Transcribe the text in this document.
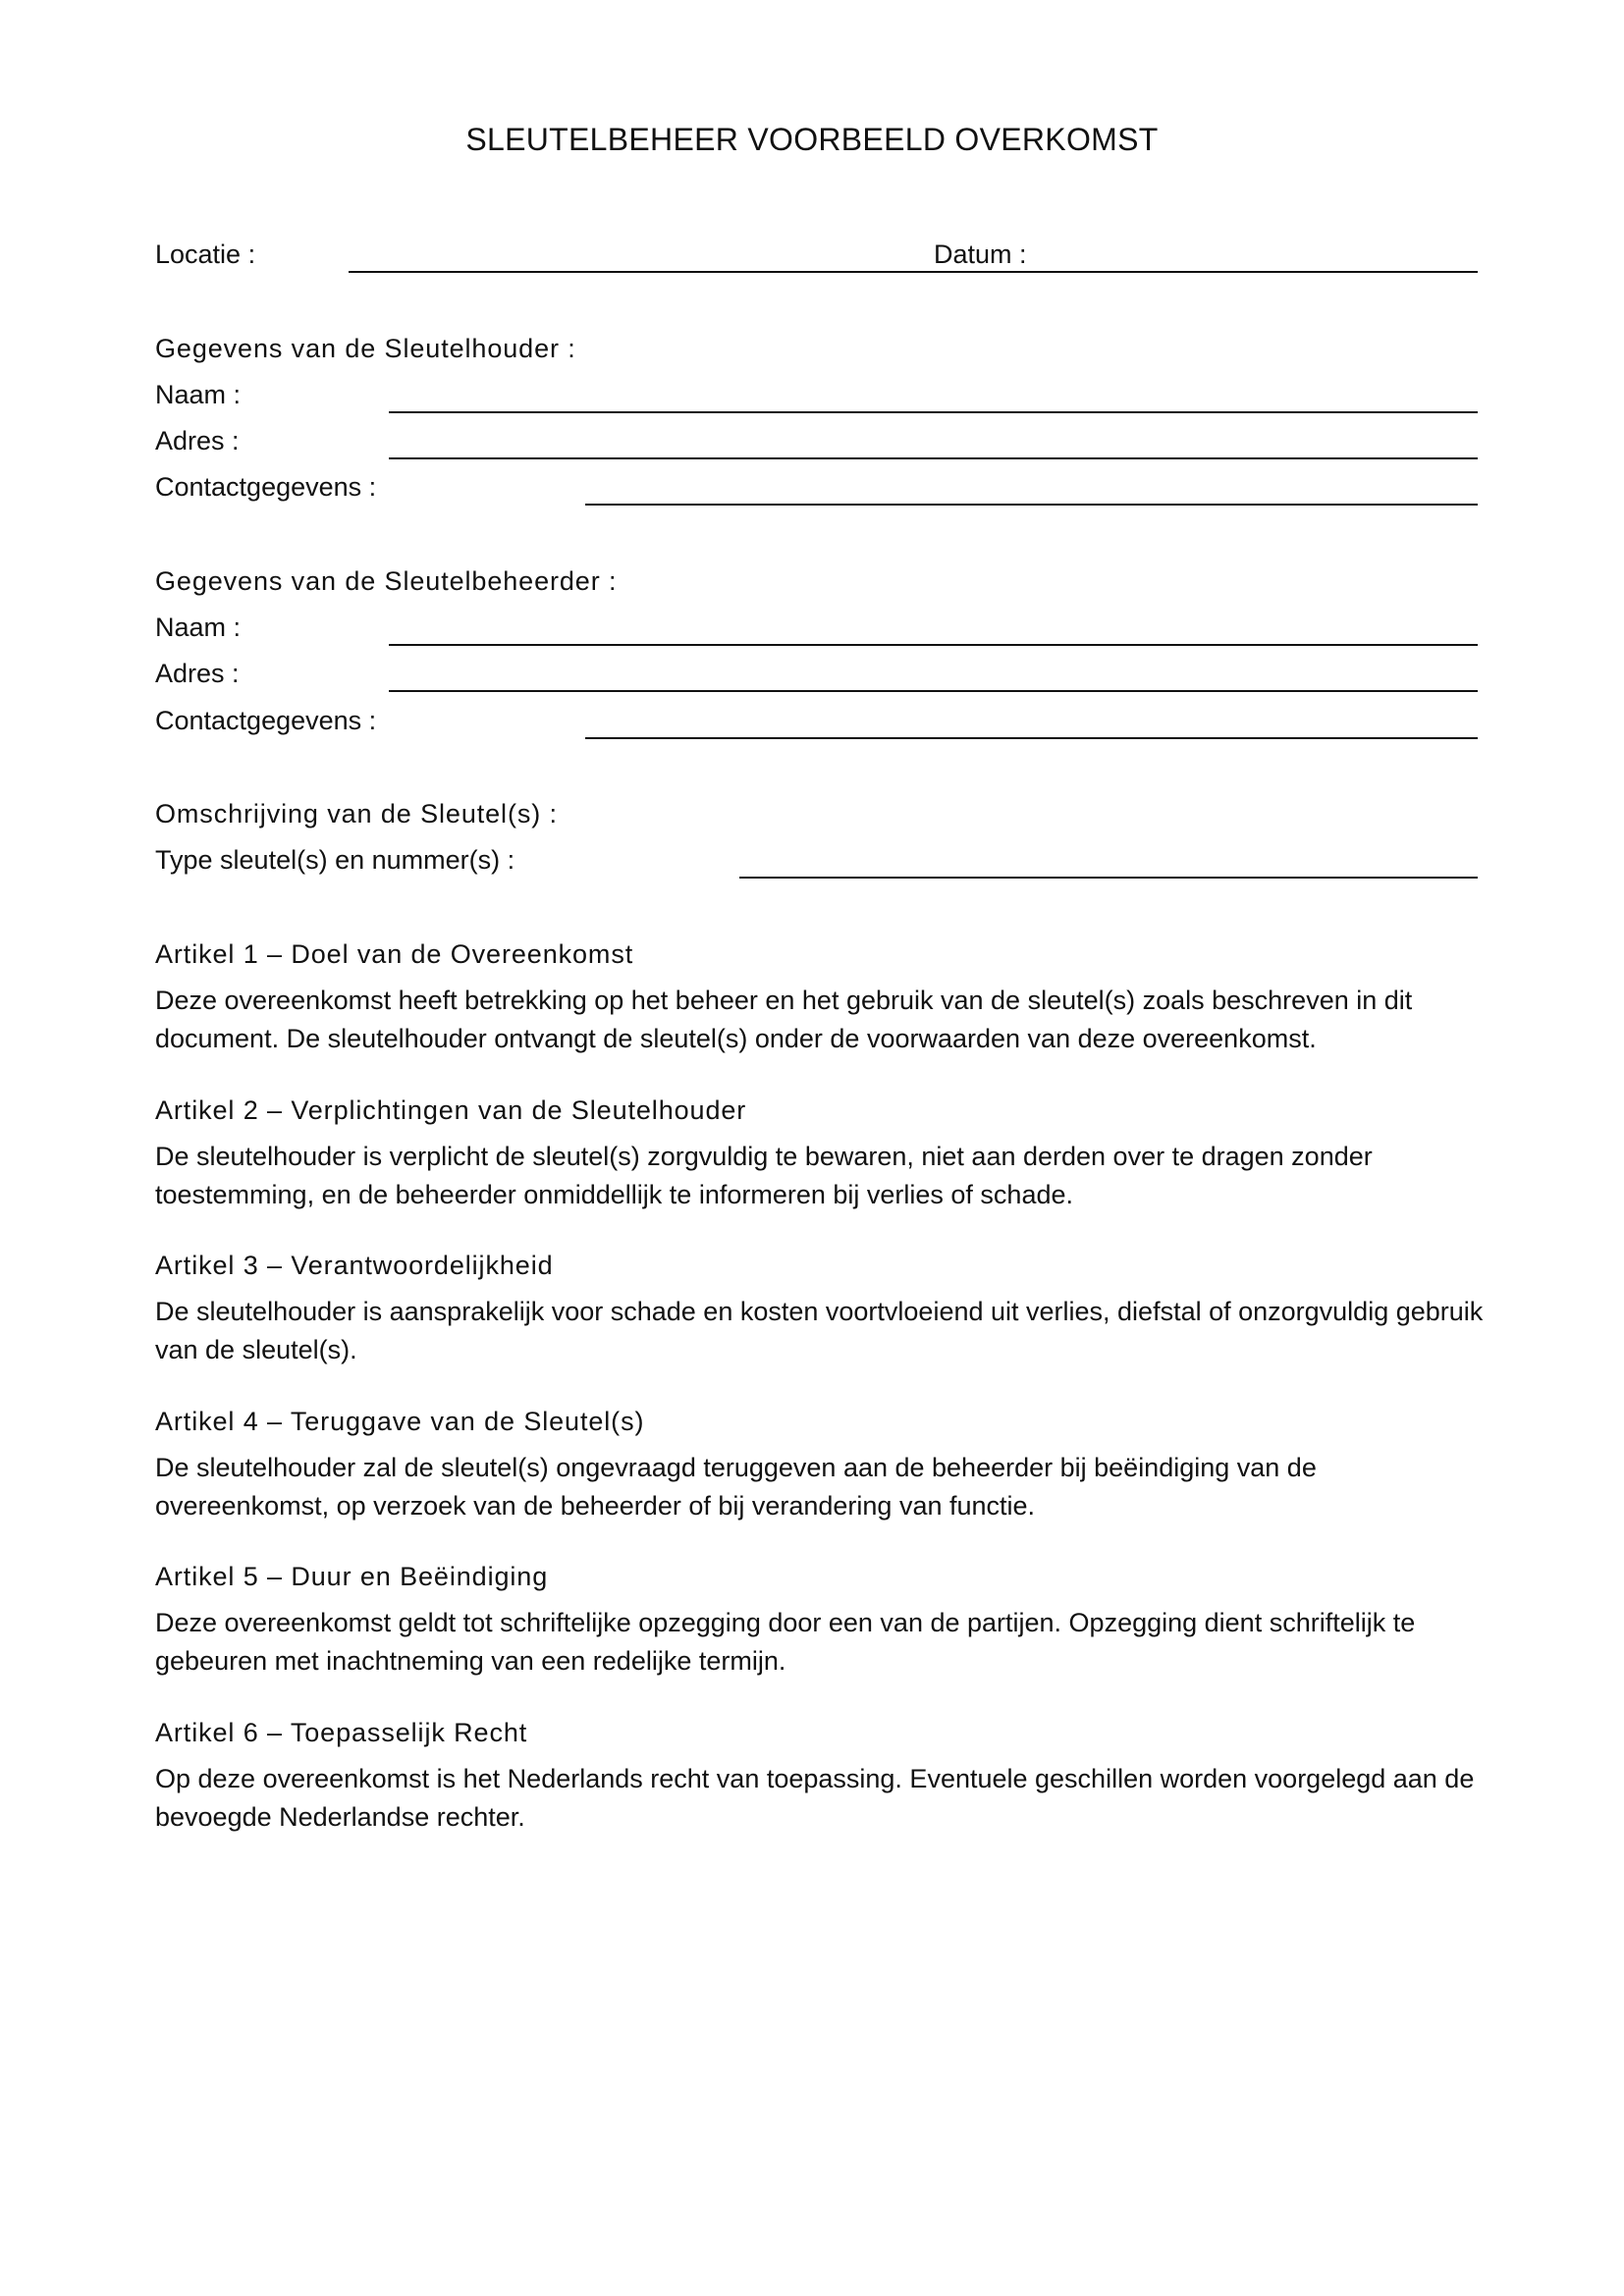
SLEUTELBEHEER VOORBEELD OVERKOMST
Locatie :	Datum :
Gegevens van de Sleutelhouder :
Naam :
Adres :
Contactgegevens :
Gegevens van de Sleutelbeheerder :
Naam :
Adres :
Contactgegevens :
Omschrijving van de Sleutel(s) :
Type sleutel(s) en nummer(s) :
Artikel 1 – Doel van de Overeenkomst
Deze overeenkomst heeft betrekking op het beheer en het gebruik van de sleutel(s) zoals beschreven in dit document. De sleutelhouder ontvangt de sleutel(s) onder de voorwaarden van deze overeenkomst.
Artikel 2 – Verplichtingen van de Sleutelhouder
De sleutelhouder is verplicht de sleutel(s) zorgvuldig te bewaren, niet aan derden over te dragen zonder toestemming, en de beheerder onmiddellijk te informeren bij verlies of schade.
Artikel 3 – Verantwoordelijkheid
De sleutelhouder is aansprakelijk voor schade en kosten voortvloeiend uit verlies, diefstal of onzorgvuldig gebruik van de sleutel(s).
Artikel 4 – Teruggave van de Sleutel(s)
De sleutelhouder zal de sleutel(s) ongevraagd teruggeven aan de beheerder bij beëindiging van de overeenkomst, op verzoek van de beheerder of bij verandering van functie.
Artikel 5 – Duur en Beëindiging
Deze overeenkomst geldt tot schriftelijke opzegging door een van de partijen. Opzegging dient schriftelijk te gebeuren met inachtneming van een redelijke termijn.
Artikel 6 – Toepasselijk Recht
Op deze overeenkomst is het Nederlands recht van toepassing. Eventuele geschillen worden voorgelegd aan de bevoegde Nederlandse rechter.
